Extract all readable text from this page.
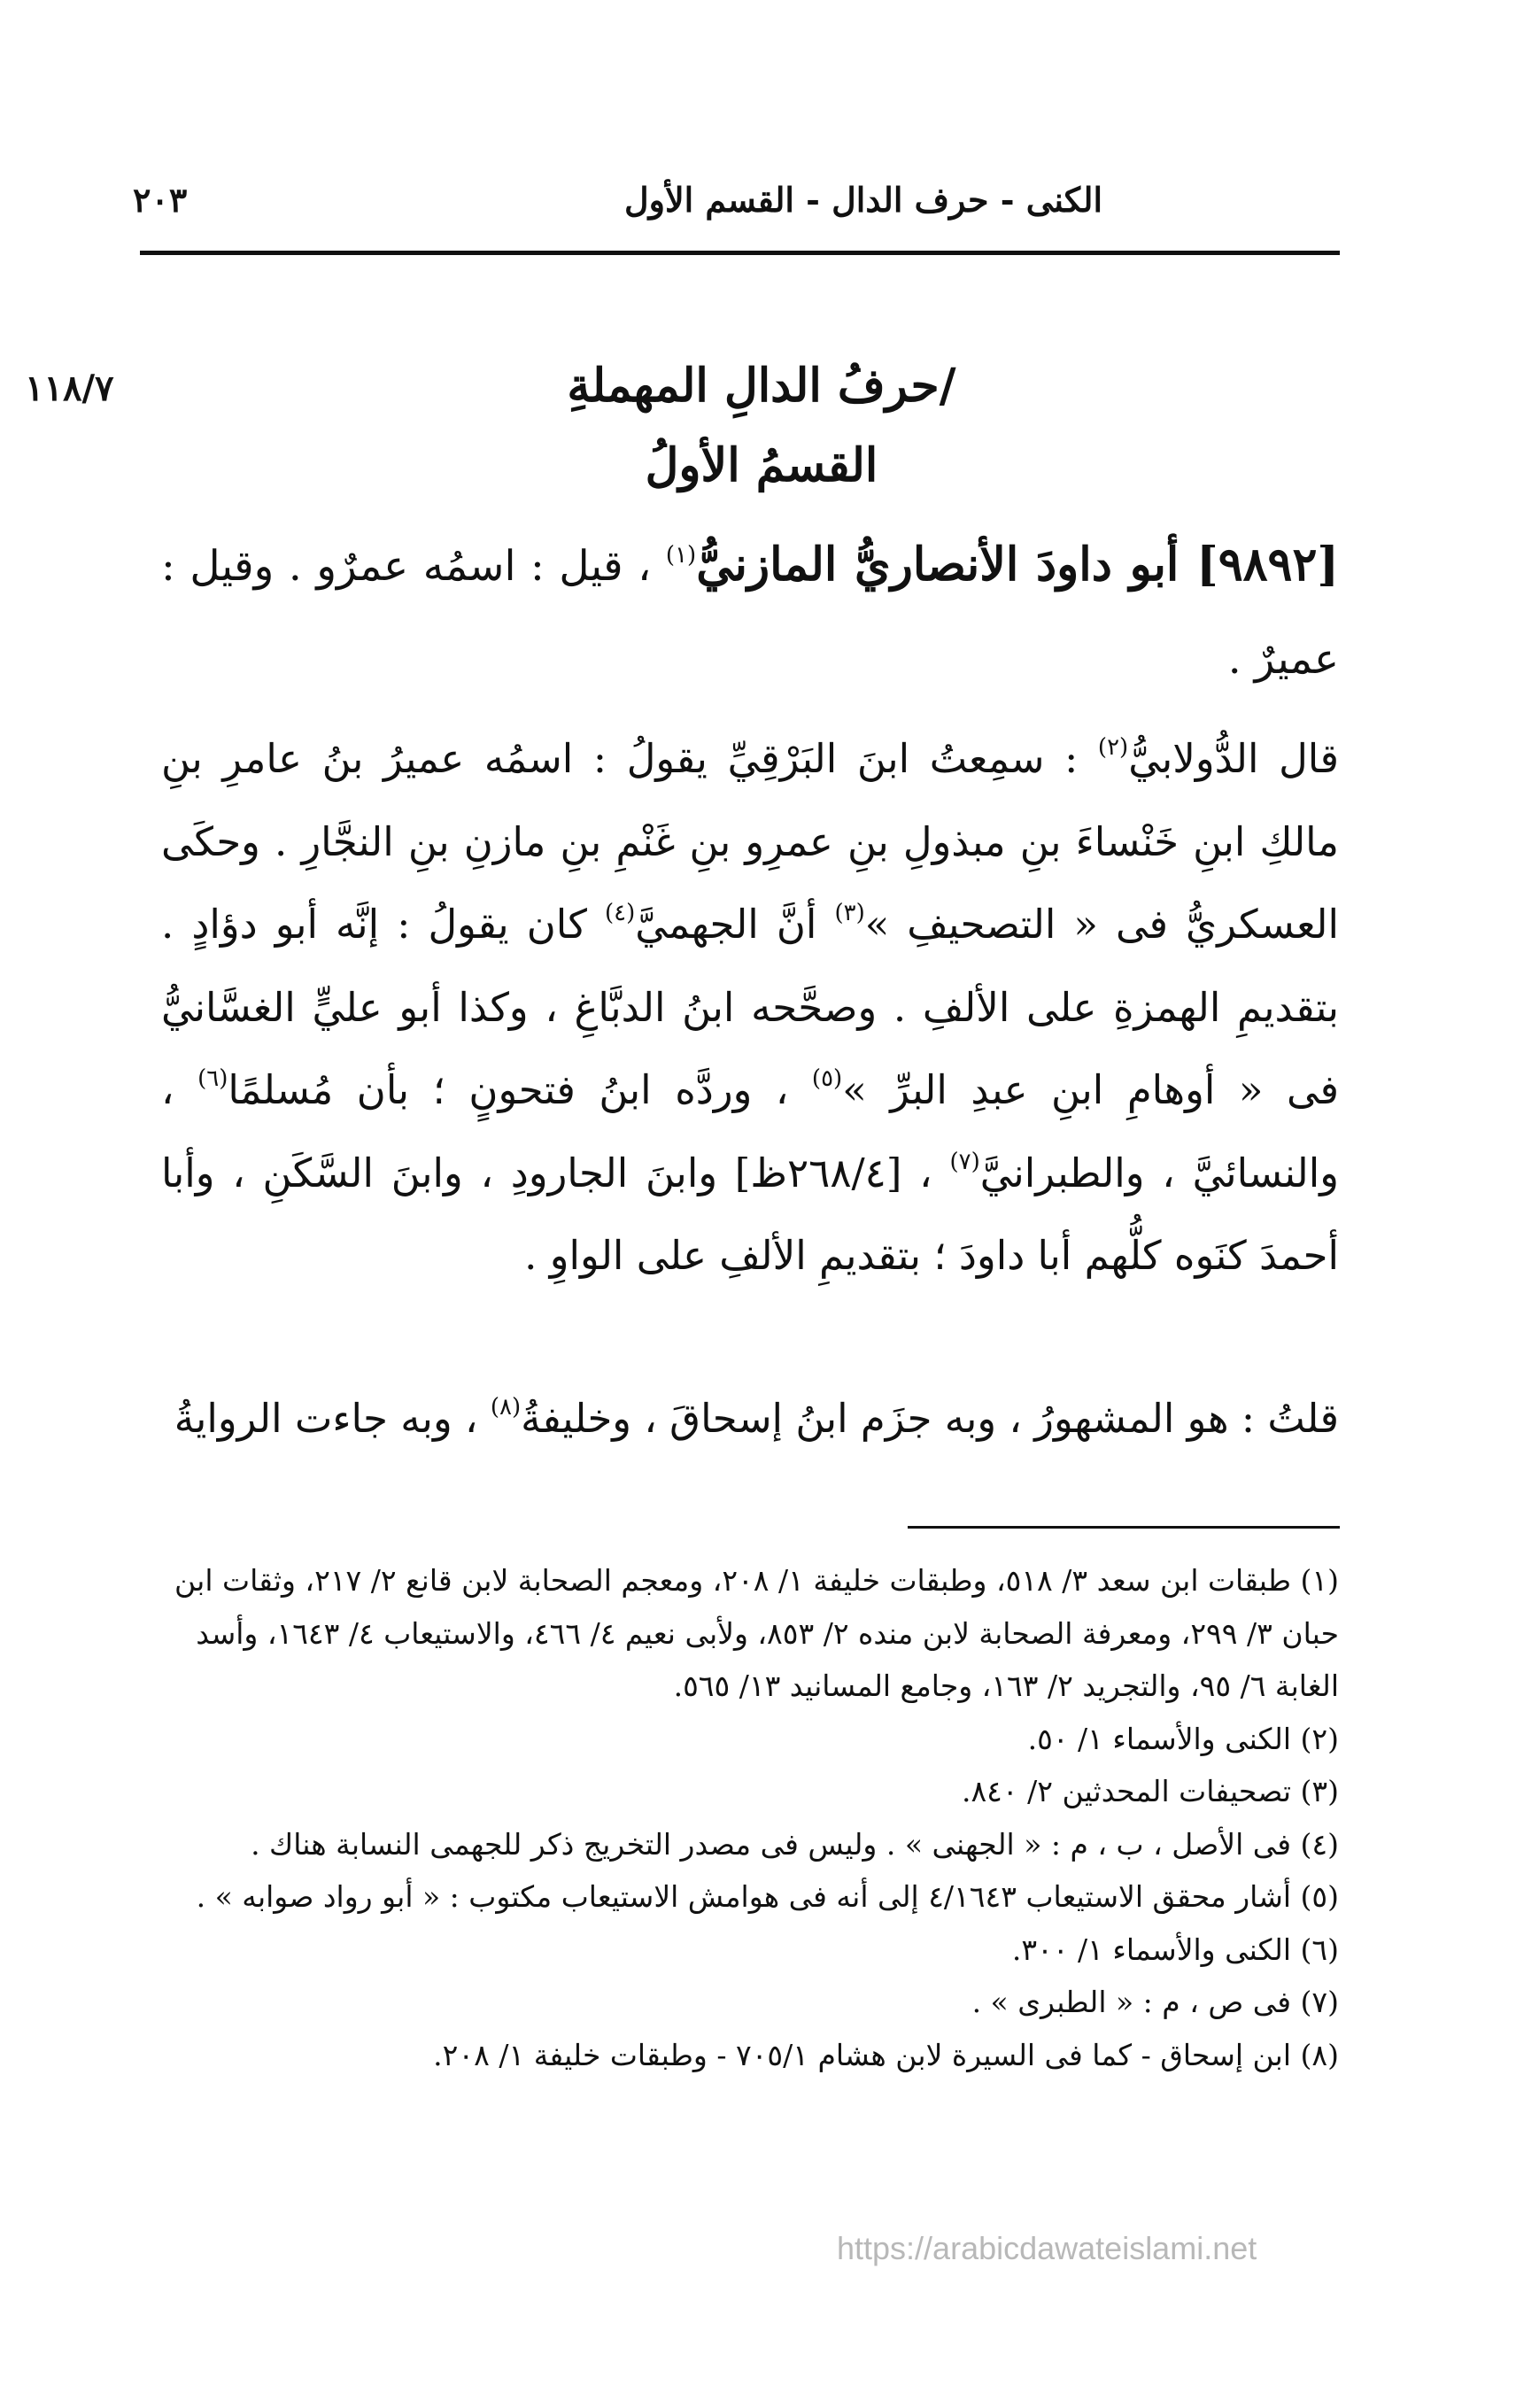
الكنى - حرف الدال - القسم الأول
٢٠٣
١١٨/٧	/حرفُ الدالِ المهملةِ
القسمُ الأولُ
[٩٨٩٢] أبو داودَ الأنصاريُّ المازنيُّ$^{(١)}$ ، قيل : اسمُه عمرٌو . وقيل : عميرٌ .
قال الدُّولابيُّ$^{(٢)}$ : سمِعتُ ابنَ البَرْقِيِّ يقولُ : اسمُه عميرُ بنُ عامرِ بنِ مالكِ ابنِ خَنْساءَ بنِ مبذولِ بنِ عمرِو بنِ غَنْمِ بنِ مازنِ بنِ النجَّارِ . وحكَى العسكريُّ فى « التصحيفِ »$^{(٣)}$ أنَّ الجهميَّ$^{(٤)}$ كان يقولُ : إنَّه أبو دؤادٍ . بتقديمِ الهمزةِ على الألفِ . وصحَّحه ابنُ الدبَّاغِ ، وكذا أبو عليٍّ الغسَّانيُّ فى « أوهامِ ابنِ عبدِ البرِّ »$^{(٥)}$ ، وردَّه ابنُ فتحونٍ ؛ بأن مُسلمًا$^{(٦)}$ ، والنسائيَّ ، والطبرانيَّ$^{(٧)}$ ، [٢٦٨/٤ظ] وابنَ الجارودِ ، وابنَ السَّكَنِ ، وأبا أحمدَ كنَوه كلُّهم أبا داودَ ؛ بتقديمِ الألفِ على الواوِ .
قلتُ : هو المشهورُ ، وبه جزَم ابنُ إسحاقَ ، وخليفةُ$^{(٨)}$ ، وبه جاءت الروايةُ
(١) طبقات ابن سعد ٣/ ٥١٨، وطبقات خليفة ١/ ٢٠٨، ومعجم الصحابة لابن قانع ٢/ ٢١٧، وثقات ابن حبان ٣/ ٢٩٩، ومعرفة الصحابة لابن منده ٢/ ٨٥٣، ولأبى نعيم ٤/ ٤٦٦، والاستيعاب ٤/ ١٦٤٣، وأسد الغابة ٦/ ٩٥، والتجريد ٢/ ١٦٣، وجامع المسانيد ١٣/ ٥٦٥.
(٢) الكنى والأسماء ١/ ٥٠.
(٣) تصحيفات المحدثين ٢/ ٨٤٠.
(٤) فى الأصل ، ب ، م : « الجهنى » . وليس فى مصدر التخريج ذكر للجهمى النسابة هناك .
(٥) أشار محقق الاستيعاب ٤/١٦٤٣ إلى أنه فى هوامش الاستيعاب مكتوب : « أبو رواد صوابه » .
(٦) الكنى والأسماء ١/ ٣٠٠.
(٧) فى ص ، م : « الطبرى » .
(٨) ابن إسحاق - كما فى السيرة لابن هشام ٧٠٥/١ - وطبقات خليفة ١/ ٢٠٨.
https://arabicdawateislami.net
